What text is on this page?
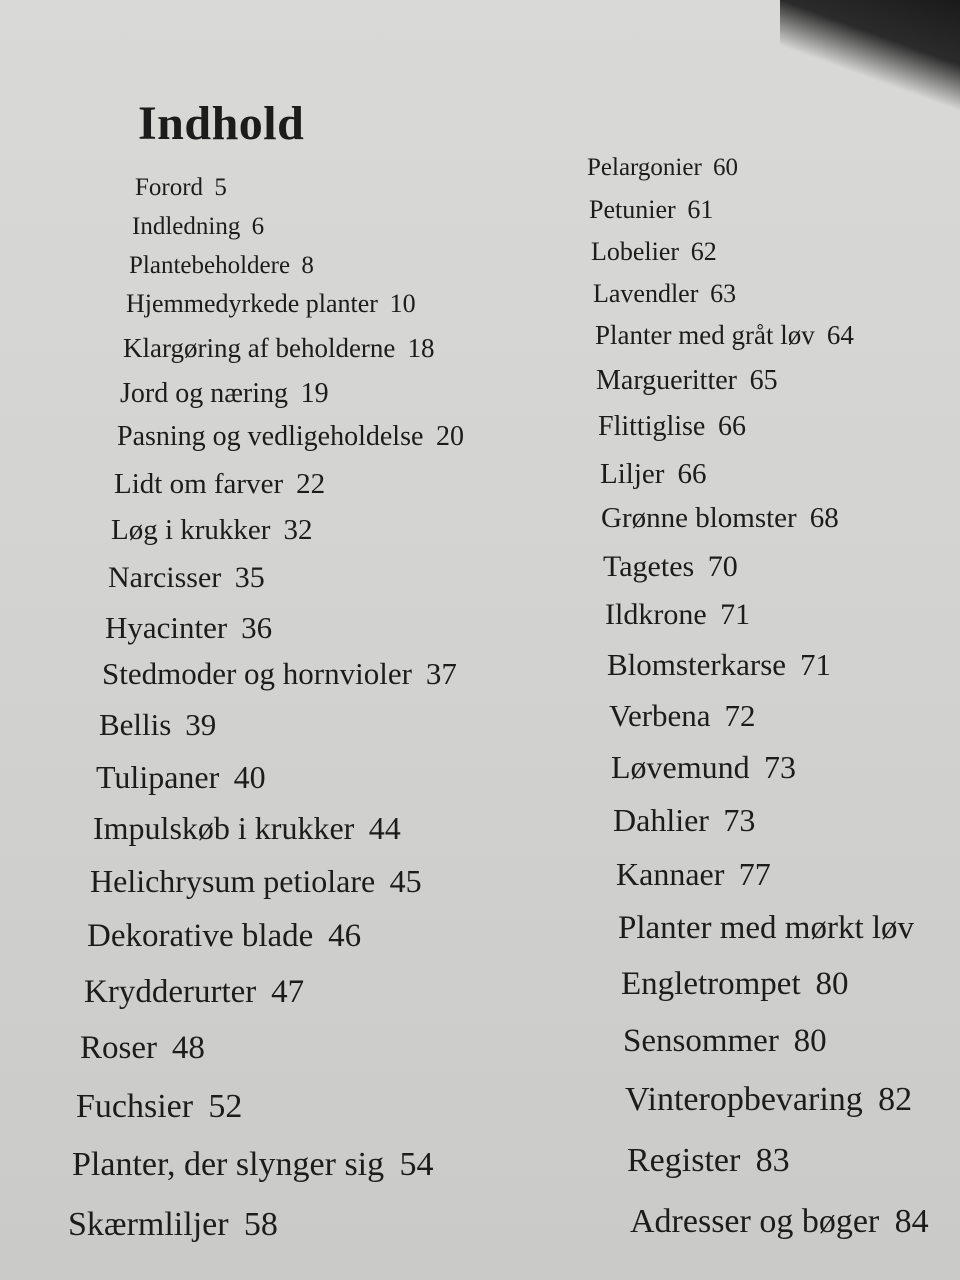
Indhold
Forord 5
Indledning 6
Plantebeholdere 8
Hjemmedyrkede planter 10
Klargøring af beholderne 18
Jord og næring 19
Pasning og vedligeholdelse 20
Lidt om farver 22
Løg i krukker 32
Narcisser 35
Hyacinter 36
Stedmoder og hornvioler 37
Bellis 39
Tulipaner 40
Impulskøb i krukker 44
Helichrysum petiolare 45
Dekorative blade 46
Krydderurter 47
Roser 48
Fuchsier 52
Planter, der slynger sig 54
Skærmliljer 58
Pelargonier 60
Petunier 61
Lobelier 62
Lavendler 63
Planter med gråt løv 64
Margueritter 65
Flittiglise 66
Liljer 66
Grønne blomster 68
Tagetes 70
Ildkrone 71
Blomsterkarse 71
Verbena 72
Løvemund 73
Dahlier 73
Kannaer 77
Planter med mørkt løv
Engletrompet 80
Sensommer 80
Vinteropbevaring 82
Register 83
Adresser og bøger 84
